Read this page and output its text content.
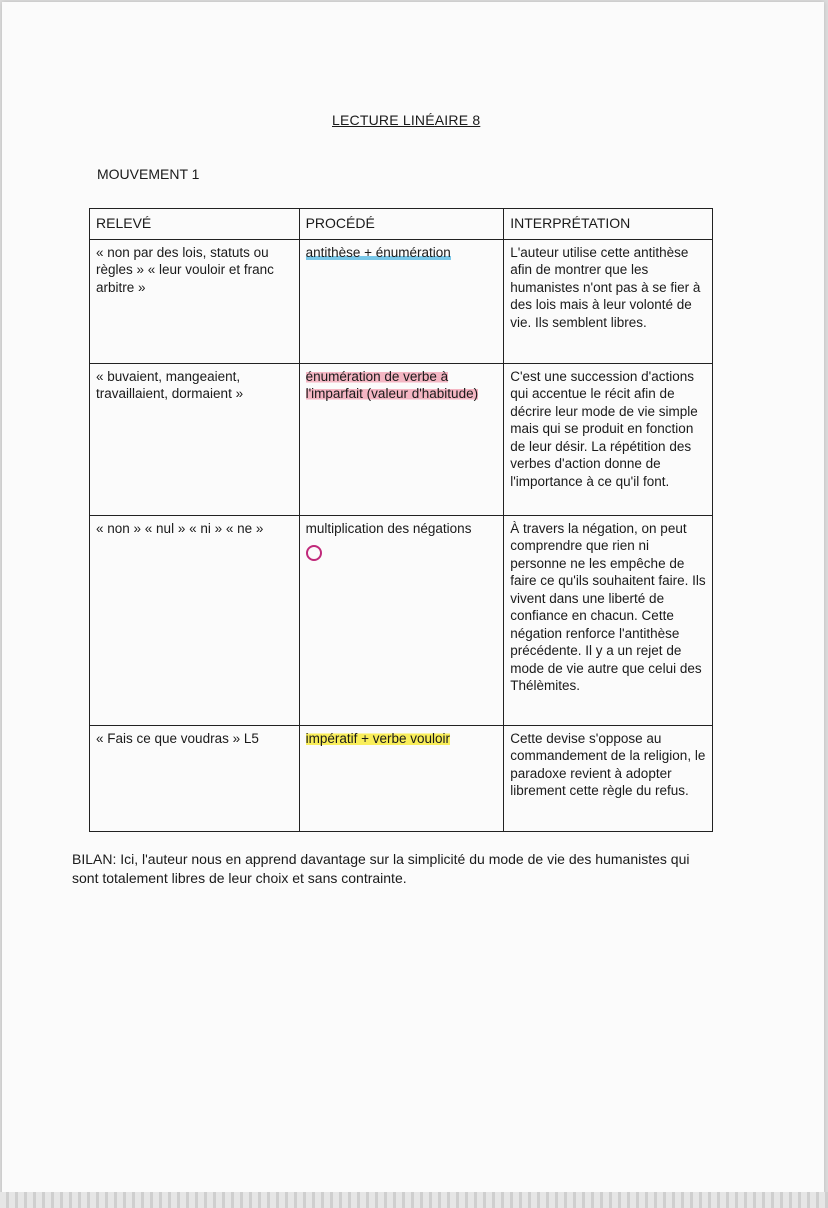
LECTURE LINÉAIRE 8
MOUVEMENT 1
RELEVÉ	PROCÉDÉ	INTERPRÉTATION
« non par des lois, statuts ou règles » « leur vouloir et franc arbitre »	antithèse + énumération	L'auteur utilise cette antithèse afin de montrer que les humanistes n'ont pas à se fier à des lois mais à leur volonté de vie. Ils semblent libres.
« buvaient, mangeaient, travaillaient, dormaient »	énumération de verbe à l'imparfait (valeur d'habitude)	C'est une succession d'actions qui accentue le récit afin de décrire leur mode de vie simple mais qui se produit en fonction de leur désir. La répétition des verbes d'action donne de l'importance à ce qu'il font.
« non » « nul » « ni » « ne »	multiplication des négations	À travers la négation, on peut comprendre que rien ni personne ne les empêche de faire ce qu'ils souhaitent faire. Ils vivent dans une liberté de confiance en chacun. Cette négation renforce l'antithèse précédente. Il y a un rejet de mode de vie autre que celui des Thélèmites.
« Fais ce que voudras » L5	impératif + verbe vouloir	Cette devise s'oppose au commandement de la religion, le paradoxe revient à adopter librement cette règle du refus.
BILAN: Ici, l'auteur nous en apprend davantage sur la simplicité du mode de vie des humanistes qui sont totalement libres de leur choix et sans contrainte.
